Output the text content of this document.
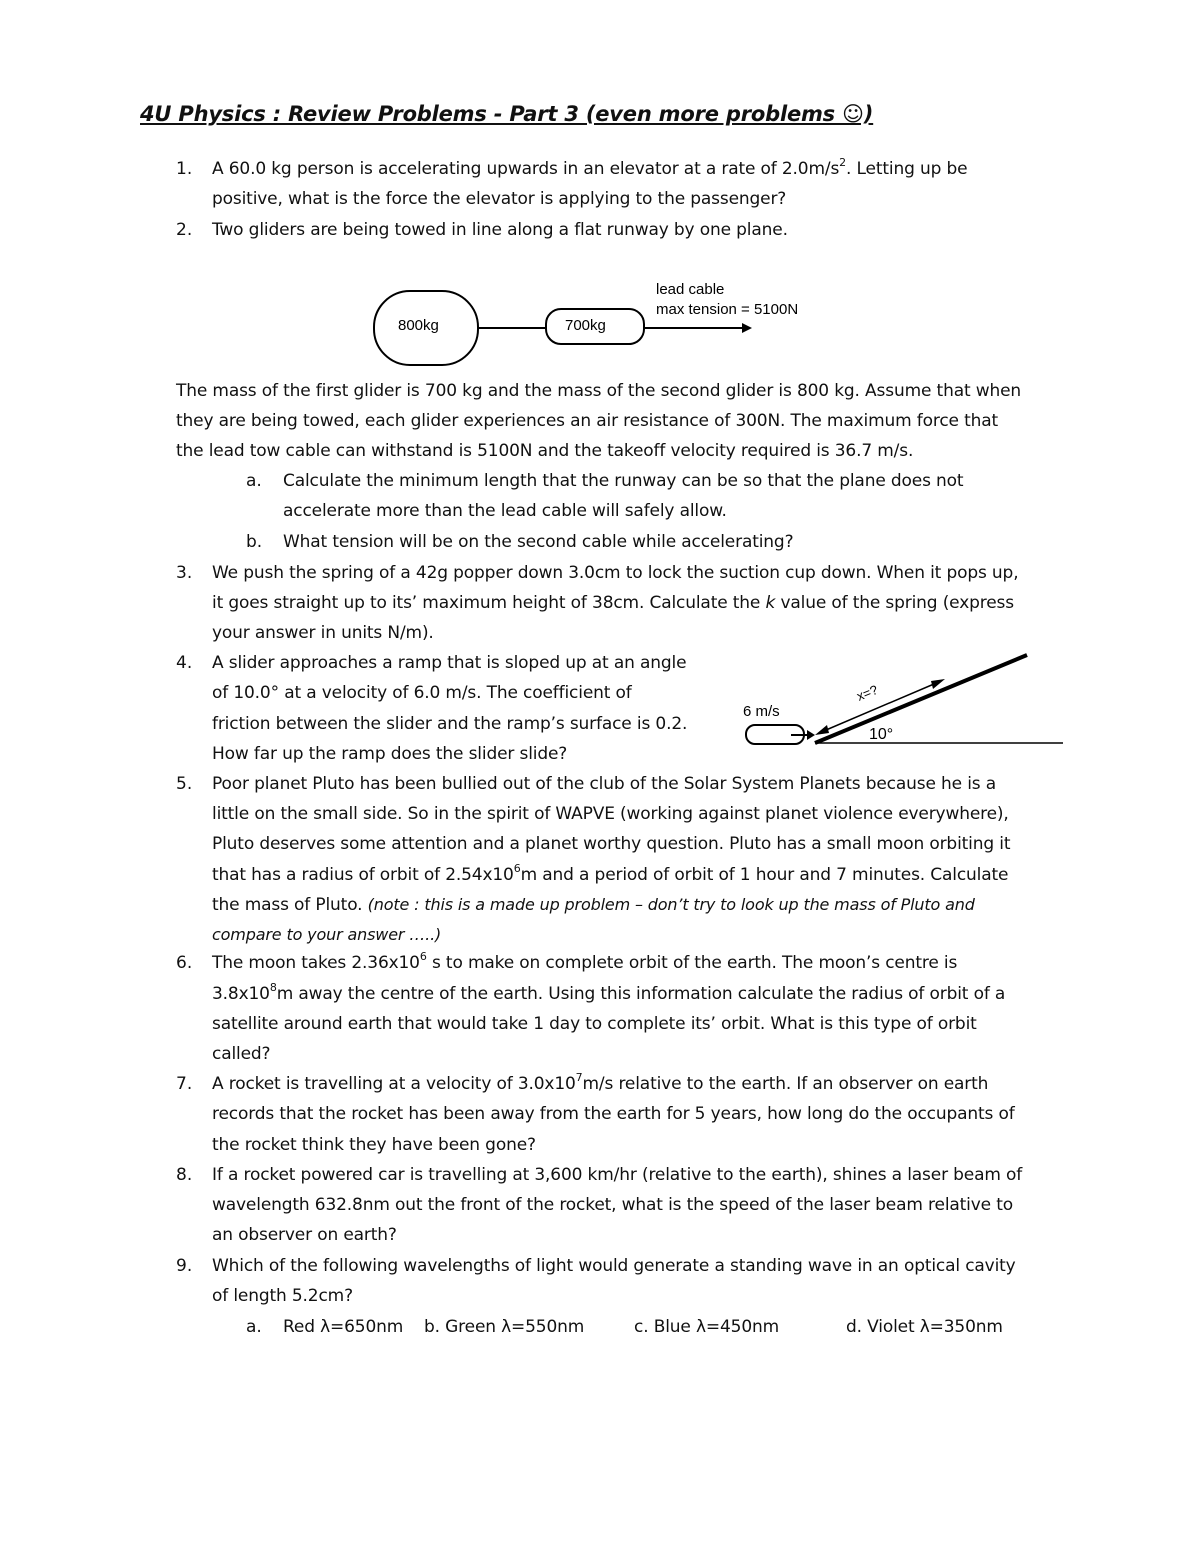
4U Physics : Review Problems - Part 3 (even more problems ☺)
1. A 60.0 kg person is accelerating upwards in an elevator at a rate of $2.0m/s^2$. Letting up be
positive, what is the force the elevator is applying to the passenger?
2. Two gliders are being towed in line along a flat runway by one plane.
800kg	700kg
lead cable
max tension = 5100N
The mass of the first glider is 700 kg and the mass of the second glider is 800 kg. Assume that when
they are being towed, each glider experiences an air resistance of 300N. The maximum force that
the lead tow cable can withstand is 5100N and the takeoff velocity required is 36.7 m/s.
a. Calculate the minimum length that the runway can be so that the plane does not
accelerate more than the lead cable will safely allow.
b. What tension will be on the second cable while accelerating?
3. We push the spring of a 42g popper down 3.0cm to lock the suction cup down. When it pops up,
it goes straight up to its’ maximum height of 38cm. Calculate the k value of the spring (express
your answer in units N/m).
4. A slider approaches a ramp that is sloped up at an angle
of 10.0° at a velocity of 6.0 m/s. The coefficient of
friction between the slider and the ramp’s surface is 0.2.
How far up the ramp does the slider slide?
x=?
6 m/s
10°
5. Poor planet Pluto has been bullied out of the club of the Solar System Planets because he is a
little on the small side. So in the spirit of WAPVE (working against planet violence everywhere),
Pluto deserves some attention and a planet worthy question. Pluto has a small moon orbiting it
that has a radius of orbit of $2.54x10^6m$ and a period of orbit of 1 hour and 7 minutes. Calculate
the mass of Pluto. (note : this is a made up problem – don’t try to look up the mass of Pluto and
compare to your answer …..)
6. The moon takes $2.36x10^6$ s to make on complete orbit of the earth. The moon’s centre is
$3.8x10^8m$ away the centre of the earth. Using this information calculate the radius of orbit of a
satellite around earth that would take 1 day to complete its’ orbit. What is this type of orbit
called?
7. A rocket is travelling at a velocity of $3.0x10^7m/s$ relative to the earth. If an observer on earth
records that the rocket has been away from the earth for 5 years, how long do the occupants of
the rocket think they have been gone?
8. If a rocket powered car is travelling at 3,600 km/hr (relative to the earth), shines a laser beam of
wavelength 632.8nm out the front of the rocket, what is the speed of the laser beam relative to
an observer on earth?
9. Which of the following wavelengths of light would generate a standing wave in an optical cavity
of length 5.2cm?
a. Red λ=650nm b. Green λ=550nm	c. Blue λ=450nm	d. Violet λ=350nm
